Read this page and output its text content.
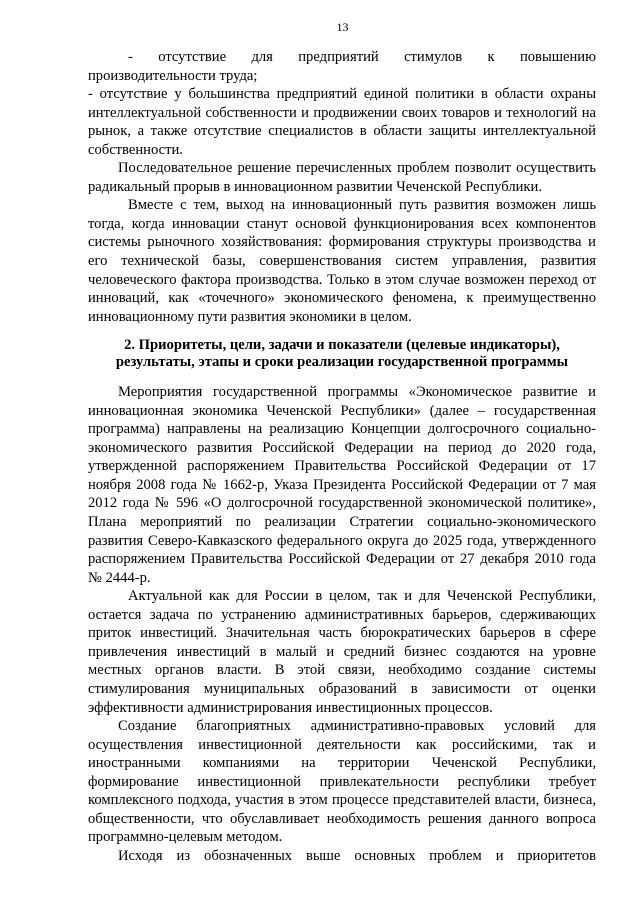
13

- отсутствие для предприятий стимулов к повышению производительности труда;

- отсутствие у большинства предприятий единой политики в области охраны интеллектуальной собственности и продвижении своих товаров и технологий на рынок, а также отсутствие специалистов в области защиты интеллектуальной собственности.

Последовательное решение перечисленных проблем позволит осуществить радикальный прорыв в инновационном развитии Чеченской Республики.

Вместе с тем, выход на инновационный путь развития возможен лишь тогда, когда инновации станут основой функционирования всех компонентов системы рыночного хозяйствования: формирования структуры производства и его технической базы, совершенствования систем управления, развития человеческого фактора производства. Только в этом случае возможен переход от инноваций, как «точечного» экономического феномена, к преимущественно инновационному пути развития экономики в целом.

2. Приоритеты, цели, задачи и показатели (целевые индикаторы),
результаты, этапы и сроки реализации государственной программы

Мероприятия государственной программы «Экономическое развитие и инновационная экономика Чеченской Республики» (далее – государственная программа) направлены на реализацию Концепции долгосрочного социально-экономического развития Российской Федерации на период до 2020 года, утвержденной распоряжением Правительства Российской Федерации от 17 ноября 2008 года № 1662-р, Указа Президента Российской Федерации от 7 мая 2012 года № 596 «О долгосрочной государственной экономической политике», Плана мероприятий по реализации Стратегии социально-экономического развития Северо-Кавказского федерального округа до 2025 года, утвержденного распоряжением Правительства Российской Федерации от 27 декабря 2010 года № 2444-р.

Актуальной как для России в целом, так и для Чеченской Республики, остается задача по устранению административных барьеров, сдерживающих приток инвестиций. Значительная часть бюрократических барьеров в сфере привлечения инвестиций в малый и средний бизнес создаются на уровне местных органов власти. В этой связи, необходимо создание системы стимулирования муниципальных образований в зависимости от оценки эффективности администрирования инвестиционных процессов.

Создание благоприятных административно-правовых условий для осуществления инвестиционной деятельности как российскими, так и иностранными компаниями на территории Чеченской Республики, формирование инвестиционной привлекательности республики требует комплексного подхода, участия в этом процессе представителей власти, бизнеса, общественности, что обуславливает необходимость решения данного вопроса программно-целевым методом.

Исходя из обозначенных выше основных проблем и приоритетов
